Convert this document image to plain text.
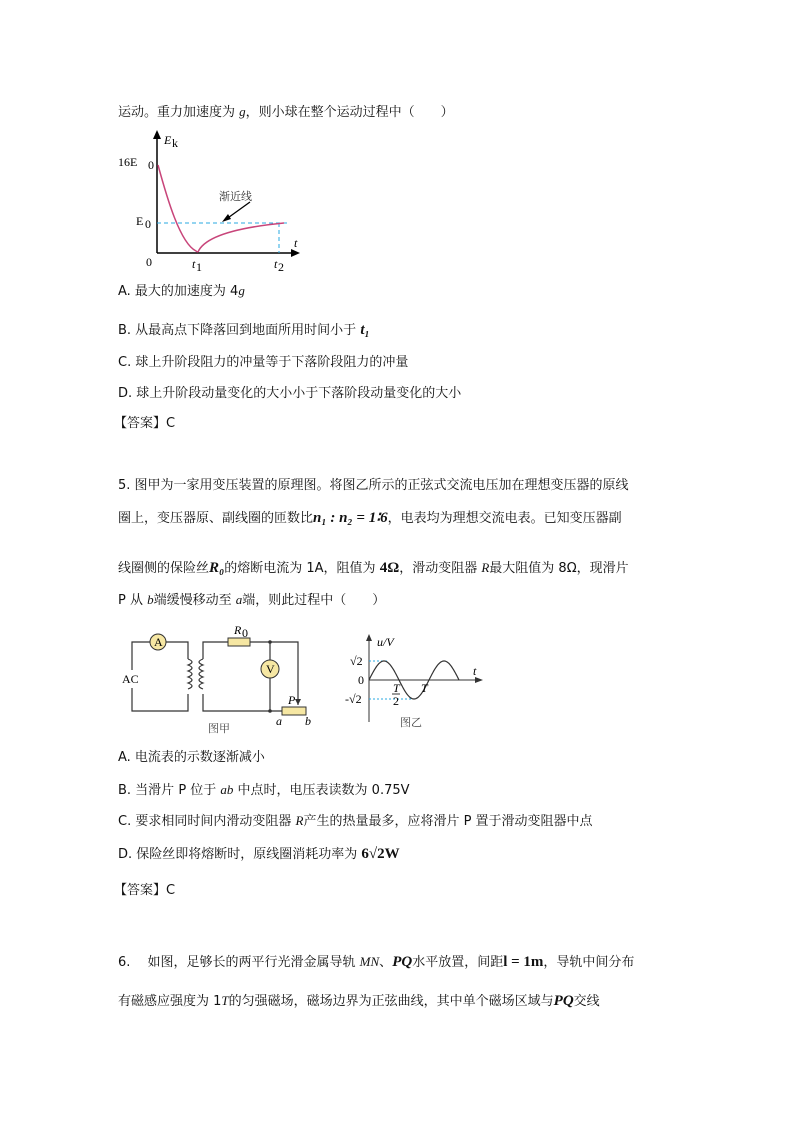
运动。重力加速度为 g，则小球在整个运动过程中（　　）
E k
16E 0
E 0
0
t
t 1	t 2
渐近线
A. 最大的加速度为 4g
B. 从最高点下降落回到地面所用时间小于 t₁
C. 球上升阶段阻力的冲量等于下落阶段阻力的冲量
D. 球上升阶段动量变化的大小小于下落阶段动量变化的大小
【答案】C
5. 图甲为一家用变压装置的原理图。将图乙所示的正弦式交流电压加在理想变压器的原线
圈上，变压器原、副线圈的匝数比n₁ : n₂ = 1∶6，电表均为理想交流电表。已知变压器副
线圈侧的保险丝R₀的熔断电流为 1A，阻值为 4Ω，滑动变阻器 R最大阻值为 8Ω，现滑片
P 从 b端缓慢移动至 a端，则此过程中（　　）
A
V
AC
R 0
P
a b
图甲
u/V
√2
0
-√2
t
T
2
T
图乙
A. 电流表的示数逐渐减小
B. 当滑片 P 位于 ab 中点时，电压表读数为 0.75V
C. 要求相同时间内滑动变阻器 R产生的热量最多，应将滑片 P 置于滑动变阻器中点
D. 保险丝即将熔断时，原线圈消耗功率为 6√2W
【答案】C
6.　 如图，足够长的两平行光滑金属导轨 MN、PQ水平放置，间距l = 1m，导轨中间分布
有磁感应强度为 1T的匀强磁场，磁场边界为正弦曲线，其中单个磁场区域与PQ交线
